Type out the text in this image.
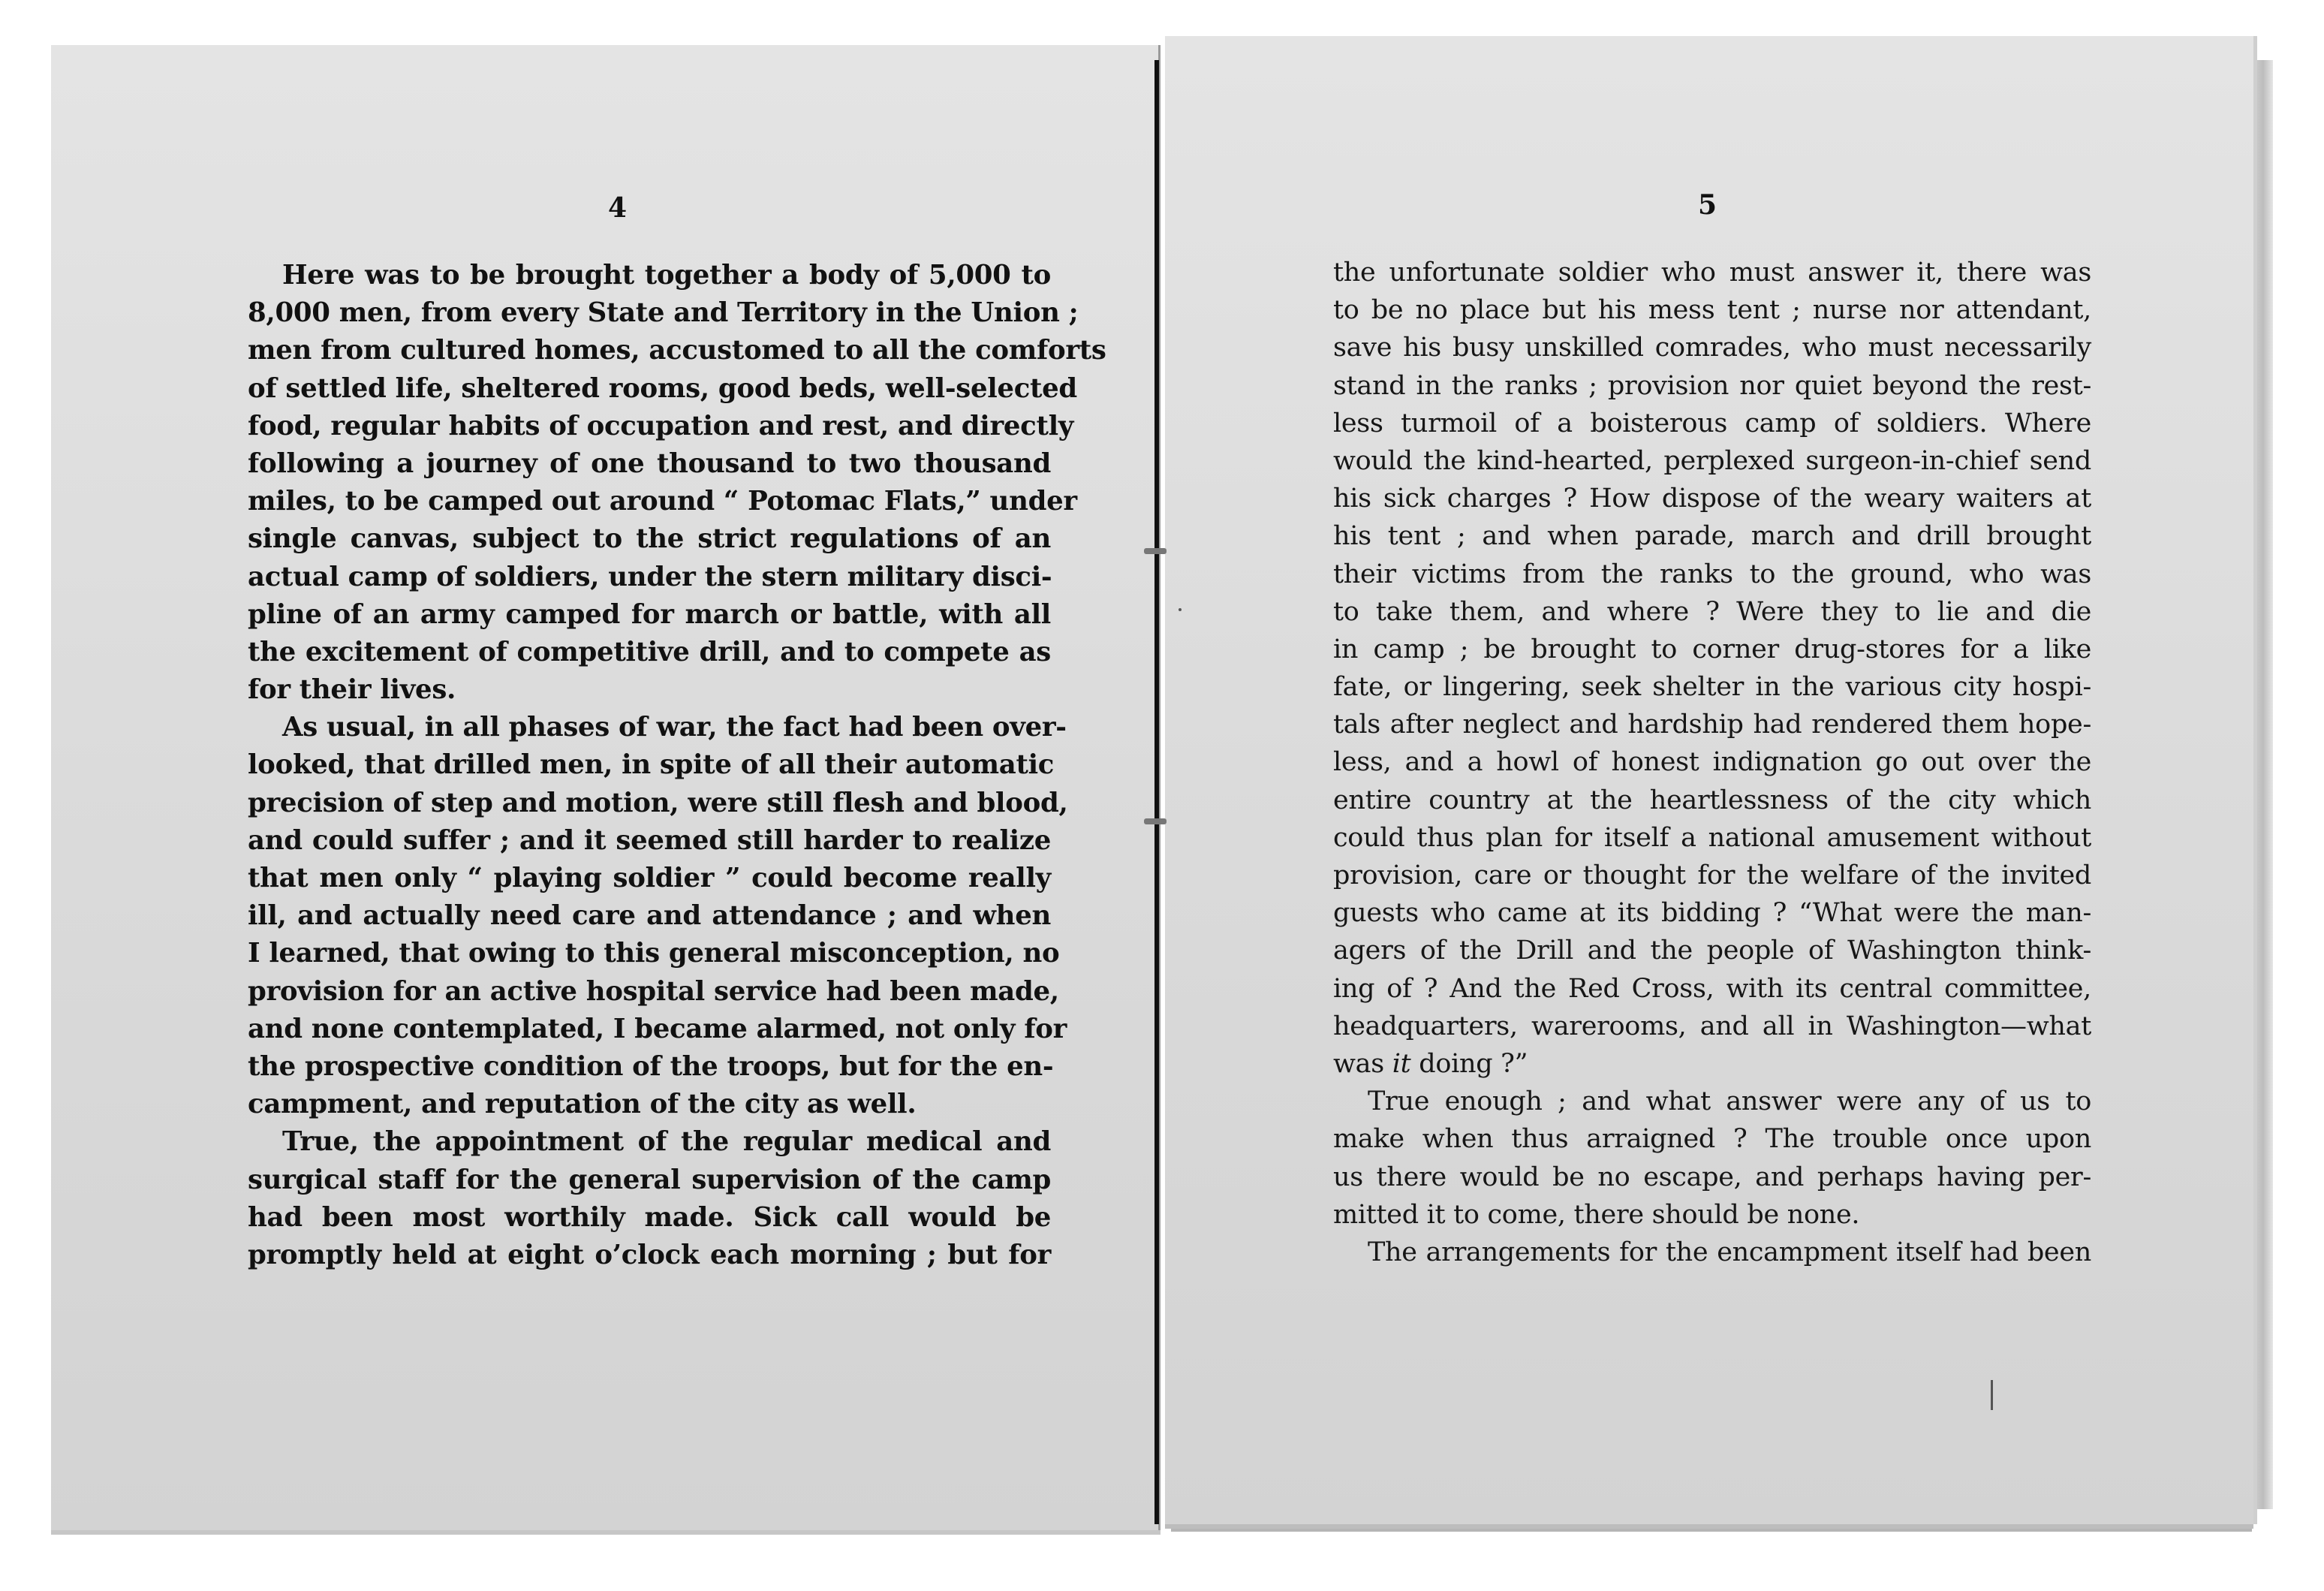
4
Here was to be brought together a body of 5,000 to
8,000 men, from every State and Territory in the Union ;
men from cultured homes, accustomed to all the comforts
of settled life, sheltered rooms, good beds, well-selected
food, regular habits of occupation and rest, and directly
following a journey of one thousand to two thousand
miles, to be camped out around “ Potomac Flats,” under
single canvas, subject to the strict regulations of an
actual camp of soldiers, under the stern military disci-
pline of an army camped for march or battle, with all
the excitement of competitive drill, and to compete as
for their lives.
As usual, in all phases of war, the fact had been over-
looked, that drilled men, in spite of all their automatic
precision of step and motion, were still flesh and blood,
and could suffer ; and it seemed still harder to realize
that men only “ playing soldier ” could become really
ill, and actually need care and attendance ; and when
I learned, that owing to this general misconception, no
provision for an active hospital service had been made,
and none contemplated, I became alarmed, not only for
the prospective condition of the troops, but for the en-
campment, and reputation of the city as well.
True, the appointment of the regular medical and
surgical staff for the general supervision of the camp
had been most worthily made. Sick call would be
promptly held at eight o’clock each morning ; but for
5
the unfortunate soldier who must answer it, there was
to be no place but his mess tent ; nurse nor attendant,
save his busy unskilled comrades, who must necessarily
stand in the ranks ; provision nor quiet beyond the rest-
less turmoil of a boisterous camp of soldiers. Where
would the kind-hearted, perplexed surgeon-in-chief send
his sick charges ? How dispose of the weary waiters at
his tent ; and when parade, march and drill brought
their victims from the ranks to the ground, who was
to take them, and where ? Were they to lie and die
in camp ; be brought to corner drug-stores for a like
fate, or lingering, seek shelter in the various city hospi-
tals after neglect and hardship had rendered them hope-
less, and a howl of honest indignation go out over the
entire country at the heartlessness of the city which
could thus plan for itself a national amusement without
provision, care or thought for the welfare of the invited
guests who came at its bidding ? “What were the man-
agers of the Drill and the people of Washington think-
ing of ? And the Red Cross, with its central committee,
headquarters, warerooms, and all in Washington—what
was it doing ?”
True enough ; and what answer were any of us to
make when thus arraigned ? The trouble once upon
us there would be no escape, and perhaps having per-
mitted it to come, there should be none.
The arrangements for the encampment itself had been
